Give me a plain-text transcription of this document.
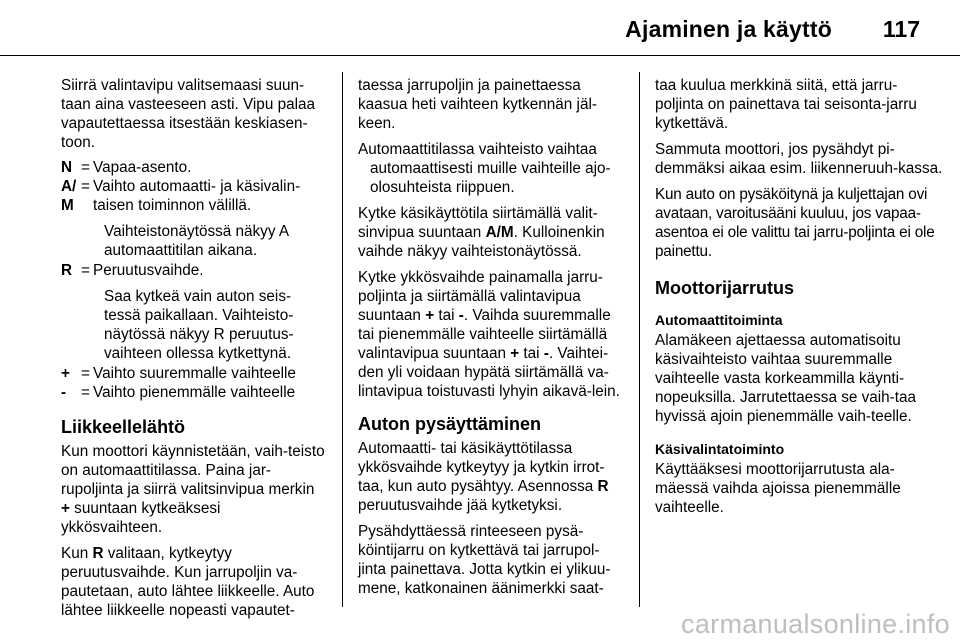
Ajaminen ja käyttö 117

Siirrä valintavipu valitsemaasi suun-taan aina vasteeseen asti. Vipu palaa vapautettaessa itsestään keskiasen-toon.

N = Vapaa-asento.
A/M
= Vaihto automaatti- ja käsivalin-taisen toiminnon välillä.
Vaihteistonäytössä näkyy A automaattitilan aikana.
R = Peruutusvaihde.
Saa kytkeä vain auton seis-tessä paikallaan. Vaihteisto-näytössä näkyy R peruutus-vaihteen ollessa kytkettynä.
+ = Vaihto suuremmalle vaihteelle
- = Vaihto pienemmälle vaihteelle
Liikkeellelähtö

Kun moottori käynnistetään, vaih-teisto on automaattitilassa. Paina jar-rupoljinta ja siirrä valitsinvipua merkin + suuntaan kytkeäksesi ykkösvaihteen.

Kun R valitaan, kytkeytyy peruutusvaihde. Kun jarrupoljin va-pautetaan, auto lähtee liikkeelle. Auto lähtee liikkeelle nopeasti vapautet-

taessa jarrupoljin ja painettaessa kaasua heti vaihteen kytkennän jäl-keen.

Automaattitilassa vaihteisto vaihtaa automaattisesti muille vaihteille ajo-olosuhteista riippuen.

Kytke käsikäyttötila siirtämällä valit-sinvipua suuntaan A/M. Kulloinenkin vaihde näkyy vaihteistonäytössä.

Kytke ykkösvaihde painamalla jarru-poljinta ja siirtämällä valintavipua suuntaan + tai -. Vaihda suuremmalle tai pienemmälle vaihteelle siirtämällä valintavipua suuntaan + tai -. Vaihtei-den yli voidaan hypätä siirtämällä va-lintavipua toistuvasti lyhyin aikavä-lein.

Auton pysäyttäminen

Automaatti- tai käsikäyttötilassa ykkösvaihde kytkeytyy ja kytkin irrot-taa, kun auto pysähtyy. Asennossa R peruutusvaihde jää kytketyksi.

Pysähdyttäessä rinteeseen pysä-köintijarru on kytkettävä tai jarrupol-jinta painettava. Jotta kytkin ei ylikuu-mene, katkonainen äänimerkki saat-

taa kuulua merkkinä siitä, että jarru-poljinta on painettava tai seisonta-jarru kytkettävä.

Sammuta moottori, jos pysähdyt pi-demmäksi aikaa esim. liikenneruuh-kassa.

Kun auto on pysäköitynä ja kuljettajan ovi avataan, varoitusääni kuuluu, jos vapaa-asentoa ei ole valittu tai jarru-poljinta ei ole painettu.

Moottorijarrutus
Automaattitoiminta

Alamäkeen ajettaessa automatisoitu käsivaihteisto vaihtaa suuremmalle vaihteelle vasta korkeammilla käynti-nopeuksilla. Jarrutettaessa se vaih-taa hyvissä ajoin pienemmälle vaih-teelle.

Käsivalintatoiminto

Käyttääksesi moottorijarrutusta ala-mäessä vaihda ajoissa pienemmälle vaihteelle.

carmanualsonline.info
